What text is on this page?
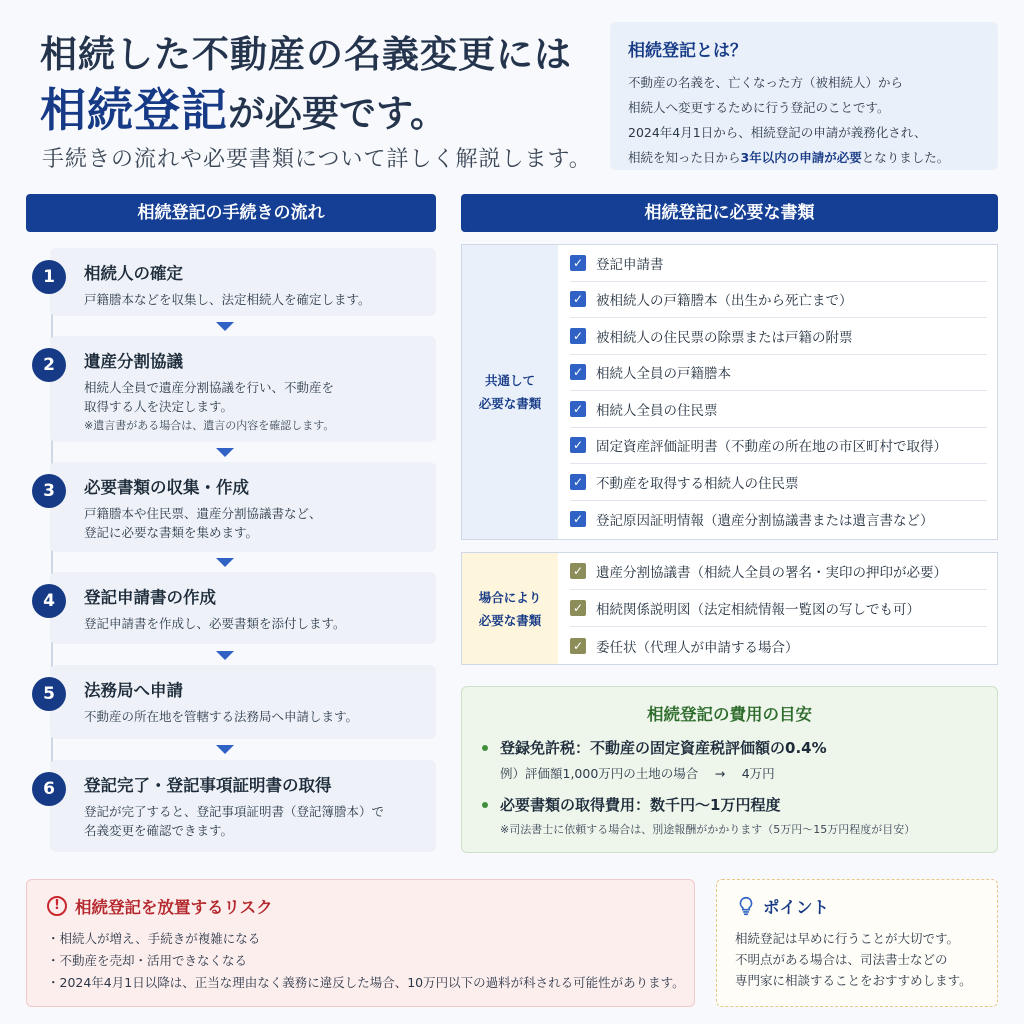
相続した不動産の名義変更には
相続登記が必要です。
手続きの流れや必要書類について詳しく解説します。
相続登記とは？

不動産の名義を、亡くなった方（被相続人）から

相続人へ変更するために行う登記のことです。

2024年4月1日から、相続登記の申請が義務化され、

相続を知った日から3年以内の申請が必要となりました。

相続登記の手続きの流れ	相続登記に必要な書類
1	相続人の確定

戸籍謄本などを収集し、法定相続人を確定します。

2	遺産分割協議

相続人全員で遺産分割協議を行い、不動産を

取得する人を決定します。

※遺言書がある場合は、遺言の内容を確認します。

3	必要書類の収集・作成

戸籍謄本や住民票、遺産分割協議書など、

登記に必要な書類を集めます。

4	登記申請書の作成

登記申請書を作成し、必要書類を添付します。

5	法務局へ申請

不動産の所在地を管轄する法務局へ申請します。

6	登記完了・登記事項証明書の取得

登記が完了すると、登記事項証明書（登記簿謄本）で

名義変更を確認できます。

共通して
必要な書類
✓ 登記申請書
✓ 被相続人の戸籍謄本（出生から死亡まで）
✓ 被相続人の住民票の除票または戸籍の附票
✓ 相続人全員の戸籍謄本
✓ 相続人全員の住民票
✓ 固定資産評価証明書（不動産の所在地の市区町村で取得）
✓ 不動産を取得する相続人の住民票
✓ 登記原因証明情報（遺産分割協議書または遺言書など）
場合により
必要な書類
✓ 遺産分割協議書（相続人全員の署名・実印の押印が必要）
✓ 相続関係説明図（法定相続情報一覧図の写しでも可）
✓ 委任状（代理人が申請する場合）
相続登記の費用の目安
登録免許税：不動産の固定資産税評価額の0.4%
例）評価額1,000万円の土地の場合　 →　 4万円
必要書類の取得費用：数千円〜1万円程度
※司法書士に依頼する場合は、別途報酬がかかります（5万円〜15万円程度が目安）
! 相続登記を放置するリスク
・相続人が増え、手続きが複雑になる
・不動産を売却・活用できなくなる
・2024年4月1日以降は、正当な理由なく義務に違反した場合、10万円以下の過料が科される可能性があります。
ポイント

相続登記は早めに行うことが大切です。

不明点がある場合は、司法書士などの

専門家に相談することをおすすめします。
